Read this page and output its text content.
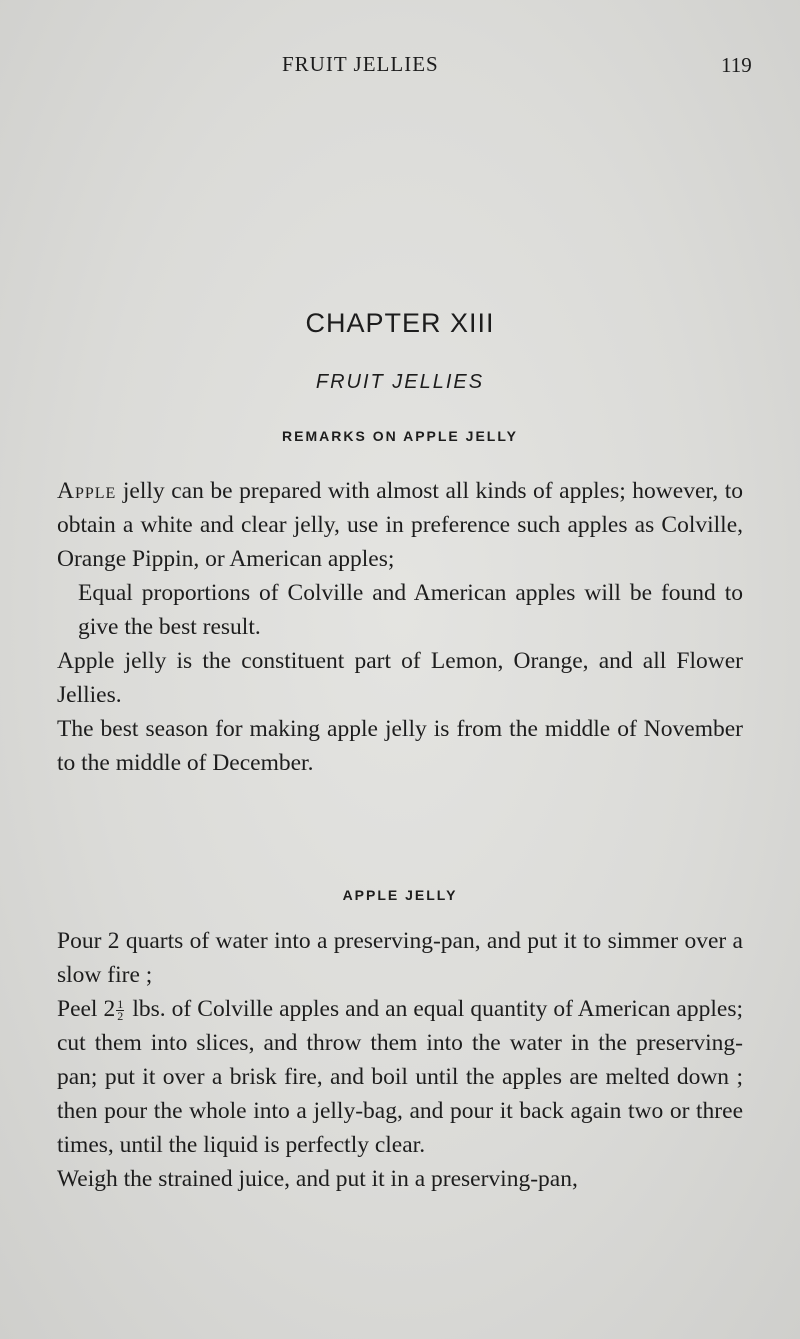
FRUIT JELLIES	119
CHAPTER XIII
FRUIT JELLIES
REMARKS ON APPLE JELLY

Apple jelly can be prepared with almost all kinds of apples; however, to obtain a white and clear jelly, use in preference such apples as Colville, Orange Pippin, or American apples;

Equal proportions of Colville and American apples will be found to give the best result.

Apple jelly is the constituent part of Lemon, Orange, and all Flower Jellies.

The best season for making apple jelly is from the middle of November to the middle of December.

APPLE JELLY

Pour 2 quarts of water into a preserving-pan, and put it to simmer over a slow fire ;

Peel $2 \frac{1}{2}$ lbs. of Colville apples and an equal quantity of American apples; cut them into slices, and throw them into the water in the preserving-pan; put it over a brisk fire, and boil until the apples are melted down ; then pour the whole into a jelly-bag, and pour it back again two or three times, until the liquid is perfectly clear.

Weigh the strained juice, and put it in a preserving-pan,
